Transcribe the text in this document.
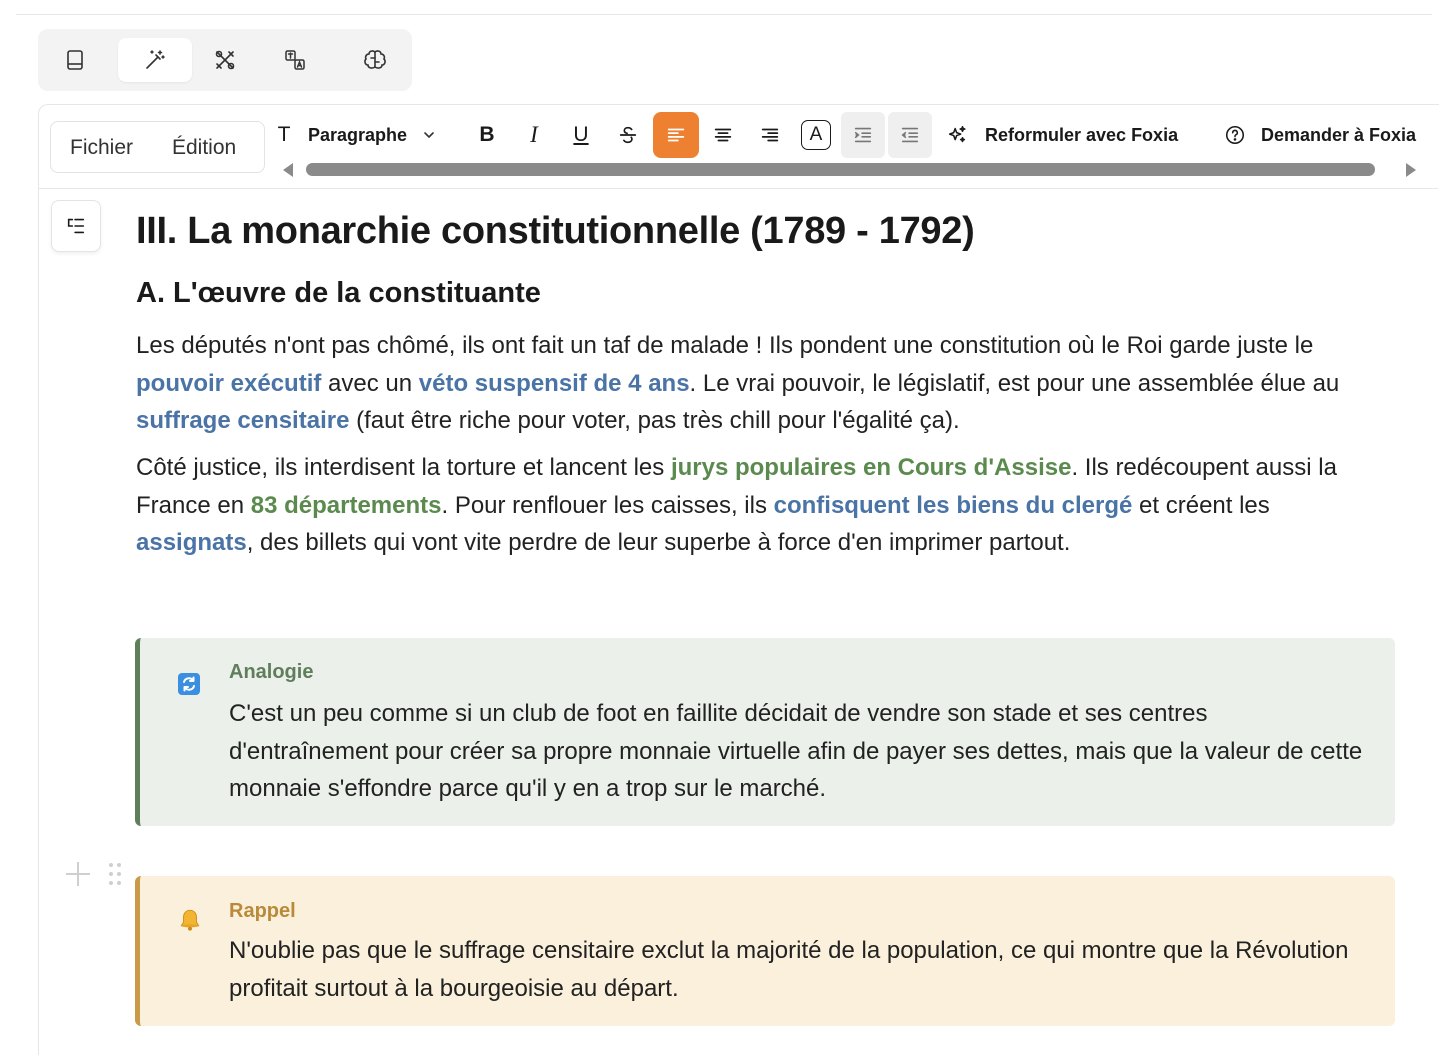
Fichier Édition
T Paragraphe	B	I	U	A	Reformuler avec Foxia	Demander à Foxia
III. La monarchie constitutionnelle (1789 - 1792)
A. L'œuvre de la constituante

Les députés n'ont pas chômé, ils ont fait un taf de malade ! Ils pondent une constitution où le Roi garde juste le pouvoir exécutif avec un véto suspensif de 4 ans. Le vrai pouvoir, le législatif, est pour une assemblée élue au suffrage censitaire (faut être riche pour voter, pas très chill pour l'égalité ça).

Côté justice, ils interdisent la torture et lancent les jurys populaires en Cours d'Assise. Ils redécoupent aussi la France en 83 départements. Pour renflouer les caisses, ils confisquent les biens du clergé et créent les assignats, des billets qui vont vite perdre de leur superbe à force d'en imprimer partout.

Analogie

C'est un peu comme si un club de foot en faillite décidait de vendre son stade et ses centres d'entraînement pour créer sa propre monnaie virtuelle afin de payer ses dettes, mais que la valeur de cette monnaie s'effondre parce qu'il y en a trop sur le marché.

Rappel

N'oublie pas que le suffrage censitaire exclut la majorité de la population, ce qui montre que la Révolution profitait surtout à la bourgeoisie au départ.
